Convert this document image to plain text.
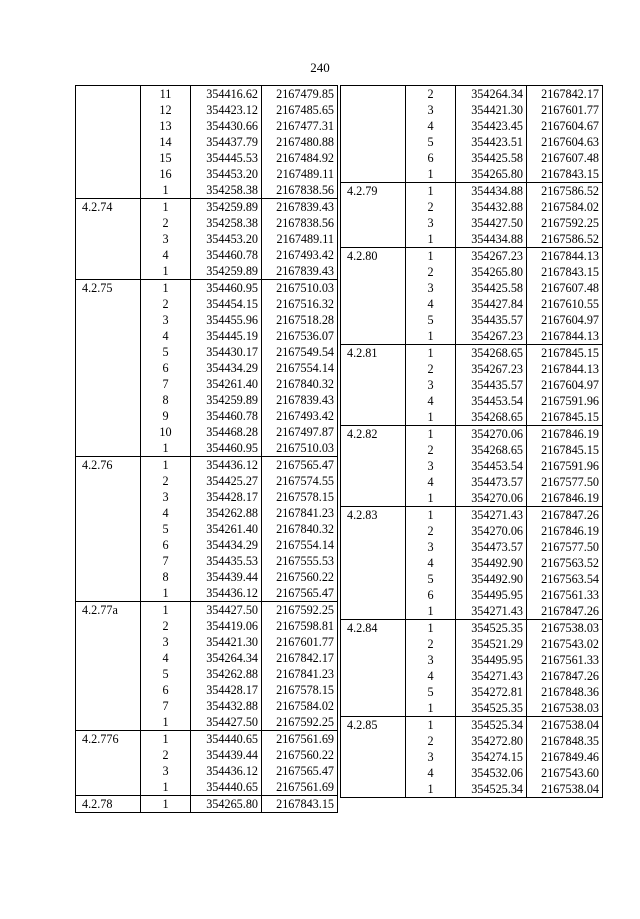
240
	11	354416.62	2167479.85
	12	354423.12	2167485.65
	13	354430.66	2167477.31
	14	354437.79	2167480.88
	15	354445.53	2167484.92
	16	354453.20	2167489.11
	1	354258.38	2167838.56
4.2.74	1	354259.89	2167839.43
	2	354258.38	2167838.56
	3	354453.20	2167489.11
	4	354460.78	2167493.42
	1	354259.89	2167839.43
4.2.75	1	354460.95	2167510.03
	2	354454.15	2167516.32
	3	354455.96	2167518.28
	4	354445.19	2167536.07
	5	354430.17	2167549.54
	6	354434.29	2167554.14
	7	354261.40	2167840.32
	8	354259.89	2167839.43
	9	354460.78	2167493.42
	10	354468.28	2167497.87
	1	354460.95	2167510.03
4.2.76	1	354436.12	2167565.47
	2	354425.27	2167574.55
	3	354428.17	2167578.15
	4	354262.88	2167841.23
	5	354261.40	2167840.32
	6	354434.29	2167554.14
	7	354435.53	2167555.53
	8	354439.44	2167560.22
	1	354436.12	2167565.47
4.2.77a	1	354427.50	2167592.25
	2	354419.06	2167598.81
	3	354421.30	2167601.77
	4	354264.34	2167842.17
	5	354262.88	2167841.23
	6	354428.17	2167578.15
	7	354432.88	2167584.02
	1	354427.50	2167592.25
4.2.776	1	354440.65	2167561.69
	2	354439.44	2167560.22
	3	354436.12	2167565.47
	1	354440.65	2167561.69
4.2.78	1	354265.80	2167843.15
	2	354264.34	2167842.17
	3	354421.30	2167601.77
	4	354423.45	2167604.67
	5	354423.51	2167604.63
	6	354425.58	2167607.48
	1	354265.80	2167843.15
4.2.79	1	354434.88	2167586.52
	2	354432.88	2167584.02
	3	354427.50	2167592.25
	1	354434.88	2167586.52
4.2.80	1	354267.23	2167844.13
	2	354265.80	2167843.15
	3	354425.58	2167607.48
	4	354427.84	2167610.55
	5	354435.57	2167604.97
	1	354267.23	2167844.13
4.2.81	1	354268.65	2167845.15
	2	354267.23	2167844.13
	3	354435.57	2167604.97
	4	354453.54	2167591.96
	1	354268.65	2167845.15
4.2.82	1	354270.06	2167846.19
	2	354268.65	2167845.15
	3	354453.54	2167591.96
	4	354473.57	2167577.50
	1	354270.06	2167846.19
4.2.83	1	354271.43	2167847.26
	2	354270.06	2167846.19
	3	354473.57	2167577.50
	4	354492.90	2167563.52
	5	354492.90	2167563.54
	6	354495.95	2167561.33
	1	354271.43	2167847.26
4.2.84	1	354525.35	2167538.03
	2	354521.29	2167543.02
	3	354495.95	2167561.33
	4	354271.43	2167847.26
	5	354272.81	2167848.36
	1	354525.35	2167538.03
4.2.85	1	354525.34	2167538.04
	2	354272.80	2167848.35
	3	354274.15	2167849.46
	4	354532.06	2167543.60
	1	354525.34	2167538.04
